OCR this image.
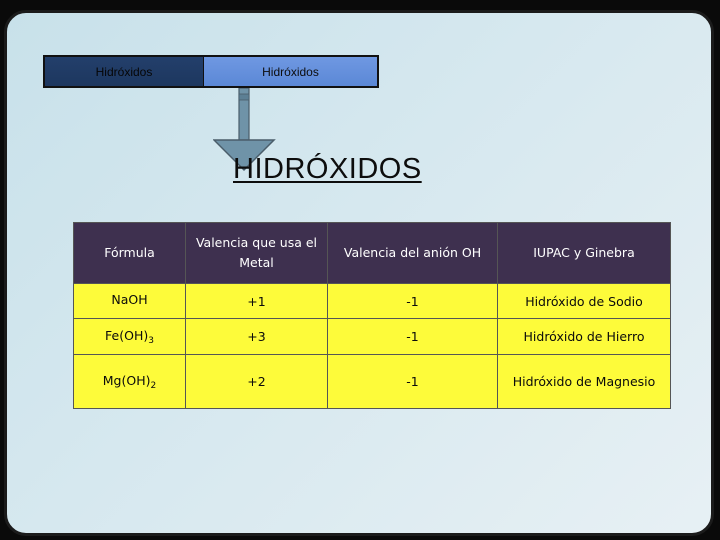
Hidróxidos	Hidróxidos
HIDRÓXIDOS
Fórmula	Valencia que usa el Metal	Valencia del anión OH	IUPAC y Ginebra
NaOH	+1	-1	Hidróxido de Sodio
$Fe(OH)_3$	+3	-1	Hidróxido de Hierro
$Mg(OH)_2$	+2	-1	Hidróxido de Magnesio
